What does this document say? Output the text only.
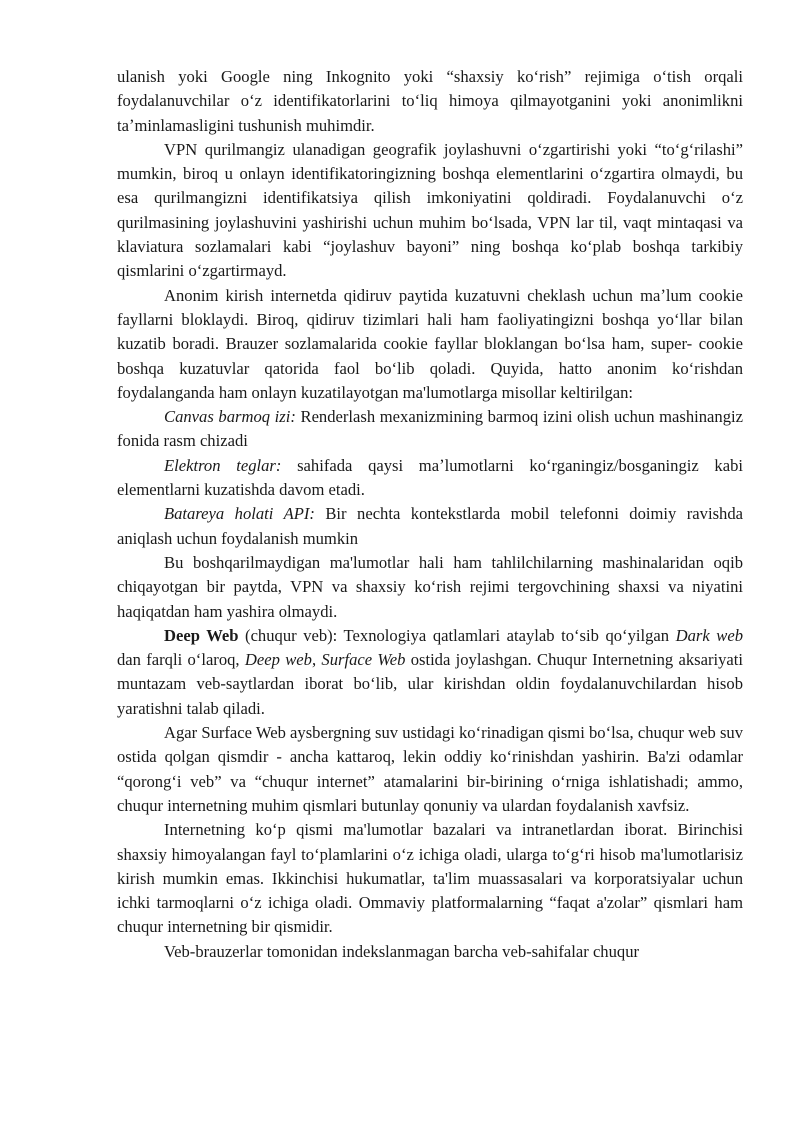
ulanish yoki Google ning Inkognito yoki “shaxsiy koʻrish” rejimiga oʻtish orqali foydalanuvchilar oʻz identifikatorlarini toʻliq himoya qilmayotganini yoki anonimlikni taʼminlamasligini tushunish muhimdir.

VPN qurilmangiz ulanadigan geografik joylashuvni oʻzgartirishi yoki “toʻgʻrilashi” mumkin, biroq u onlayn identifikatoringizning boshqa elementlarini oʻzgartira olmaydi, bu esa qurilmangizni identifikatsiya qilish imkoniyatini qoldiradi. Foydalanuvchi oʻz qurilmasining joylashuvini yashirishi uchun muhim boʻlsada, VPN lar til, vaqt mintaqasi va klaviatura sozlamalari kabi “joylashuv bayoni” ning boshqa koʻplab boshqa tarkibiy qismlarini oʻzgartirmayd.

Anonim kirish internetda qidiruv paytida kuzatuvni cheklash uchun maʼlum cookie fayllarni bloklaydi. Biroq, qidiruv tizimlari hali ham faoliyatingizni boshqa yoʻllar bilan kuzatib boradi. Brauzer sozlamalarida cookie fayllar bloklangan boʻlsa ham, super- cookie boshqa kuzatuvlar qatorida faol boʻlib qoladi. Quyida, hatto anonim koʻrishdan foydalanganda ham onlayn kuzatilayotgan ma'lumotlarga misollar keltirilgan:

Canvas barmoq izi: Renderlash mexanizmining barmoq izini olish uchun mashinangiz fonida rasm chizadi

Elektron teglar: sahifada qaysi maʼlumotlarni koʻrganingiz/bosganingiz kabi elementlarni kuzatishda davom etadi.

Batareya holati API: Bir nechta kontekstlarda mobil telefonni doimiy ravishda aniqlash uchun foydalanish mumkin

Bu boshqarilmaydigan ma'lumotlar hali ham tahlilchilarning mashinalaridan oqib chiqayotgan bir paytda, VPN va shaxsiy koʻrish rejimi tergovchining shaxsi va niyatini haqiqatdan ham yashira olmaydi.

Deep Web (chuqur veb): Texnologiya qatlamlari ataylab toʻsib qoʻyilgan Dark web dan farqli oʻlaroq, Deep web, Surface Web ostida joylashgan. Chuqur Internetning aksariyati muntazam veb-saytlardan iborat boʻlib, ular kirishdan oldin foydalanuvchilardan hisob yaratishni talab qiladi.

Agar Surface Web aysbergning suv ustidagi koʻrinadigan qismi boʻlsa, chuqur web suv ostida qolgan qismdir - ancha kattaroq, lekin oddiy koʻrinishdan yashirin. Ba'zi odamlar “qorongʻi veb” va “chuqur internet” atamalarini bir-birining oʻrniga ishlatishadi; ammo, chuqur internetning muhim qismlari butunlay qonuniy va ulardan foydalanish xavfsiz.

Internetning koʻp qismi ma'lumotlar bazalari va intranetlardan iborat. Birinchisi shaxsiy himoyalangan fayl toʻplamlarini oʻz ichiga oladi, ularga toʻgʻri hisob ma'lumotlarisiz kirish mumkin emas. Ikkinchisi hukumatlar, ta'lim muassasalari va korporatsiyalar uchun ichki tarmoqlarni oʻz ichiga oladi. Ommaviy platformalarning “faqat a'zolar” qismlari ham chuqur internetning bir qismidir.

Veb-brauzerlar tomonidan indekslanmagan barcha veb-sahifalar chuqur
